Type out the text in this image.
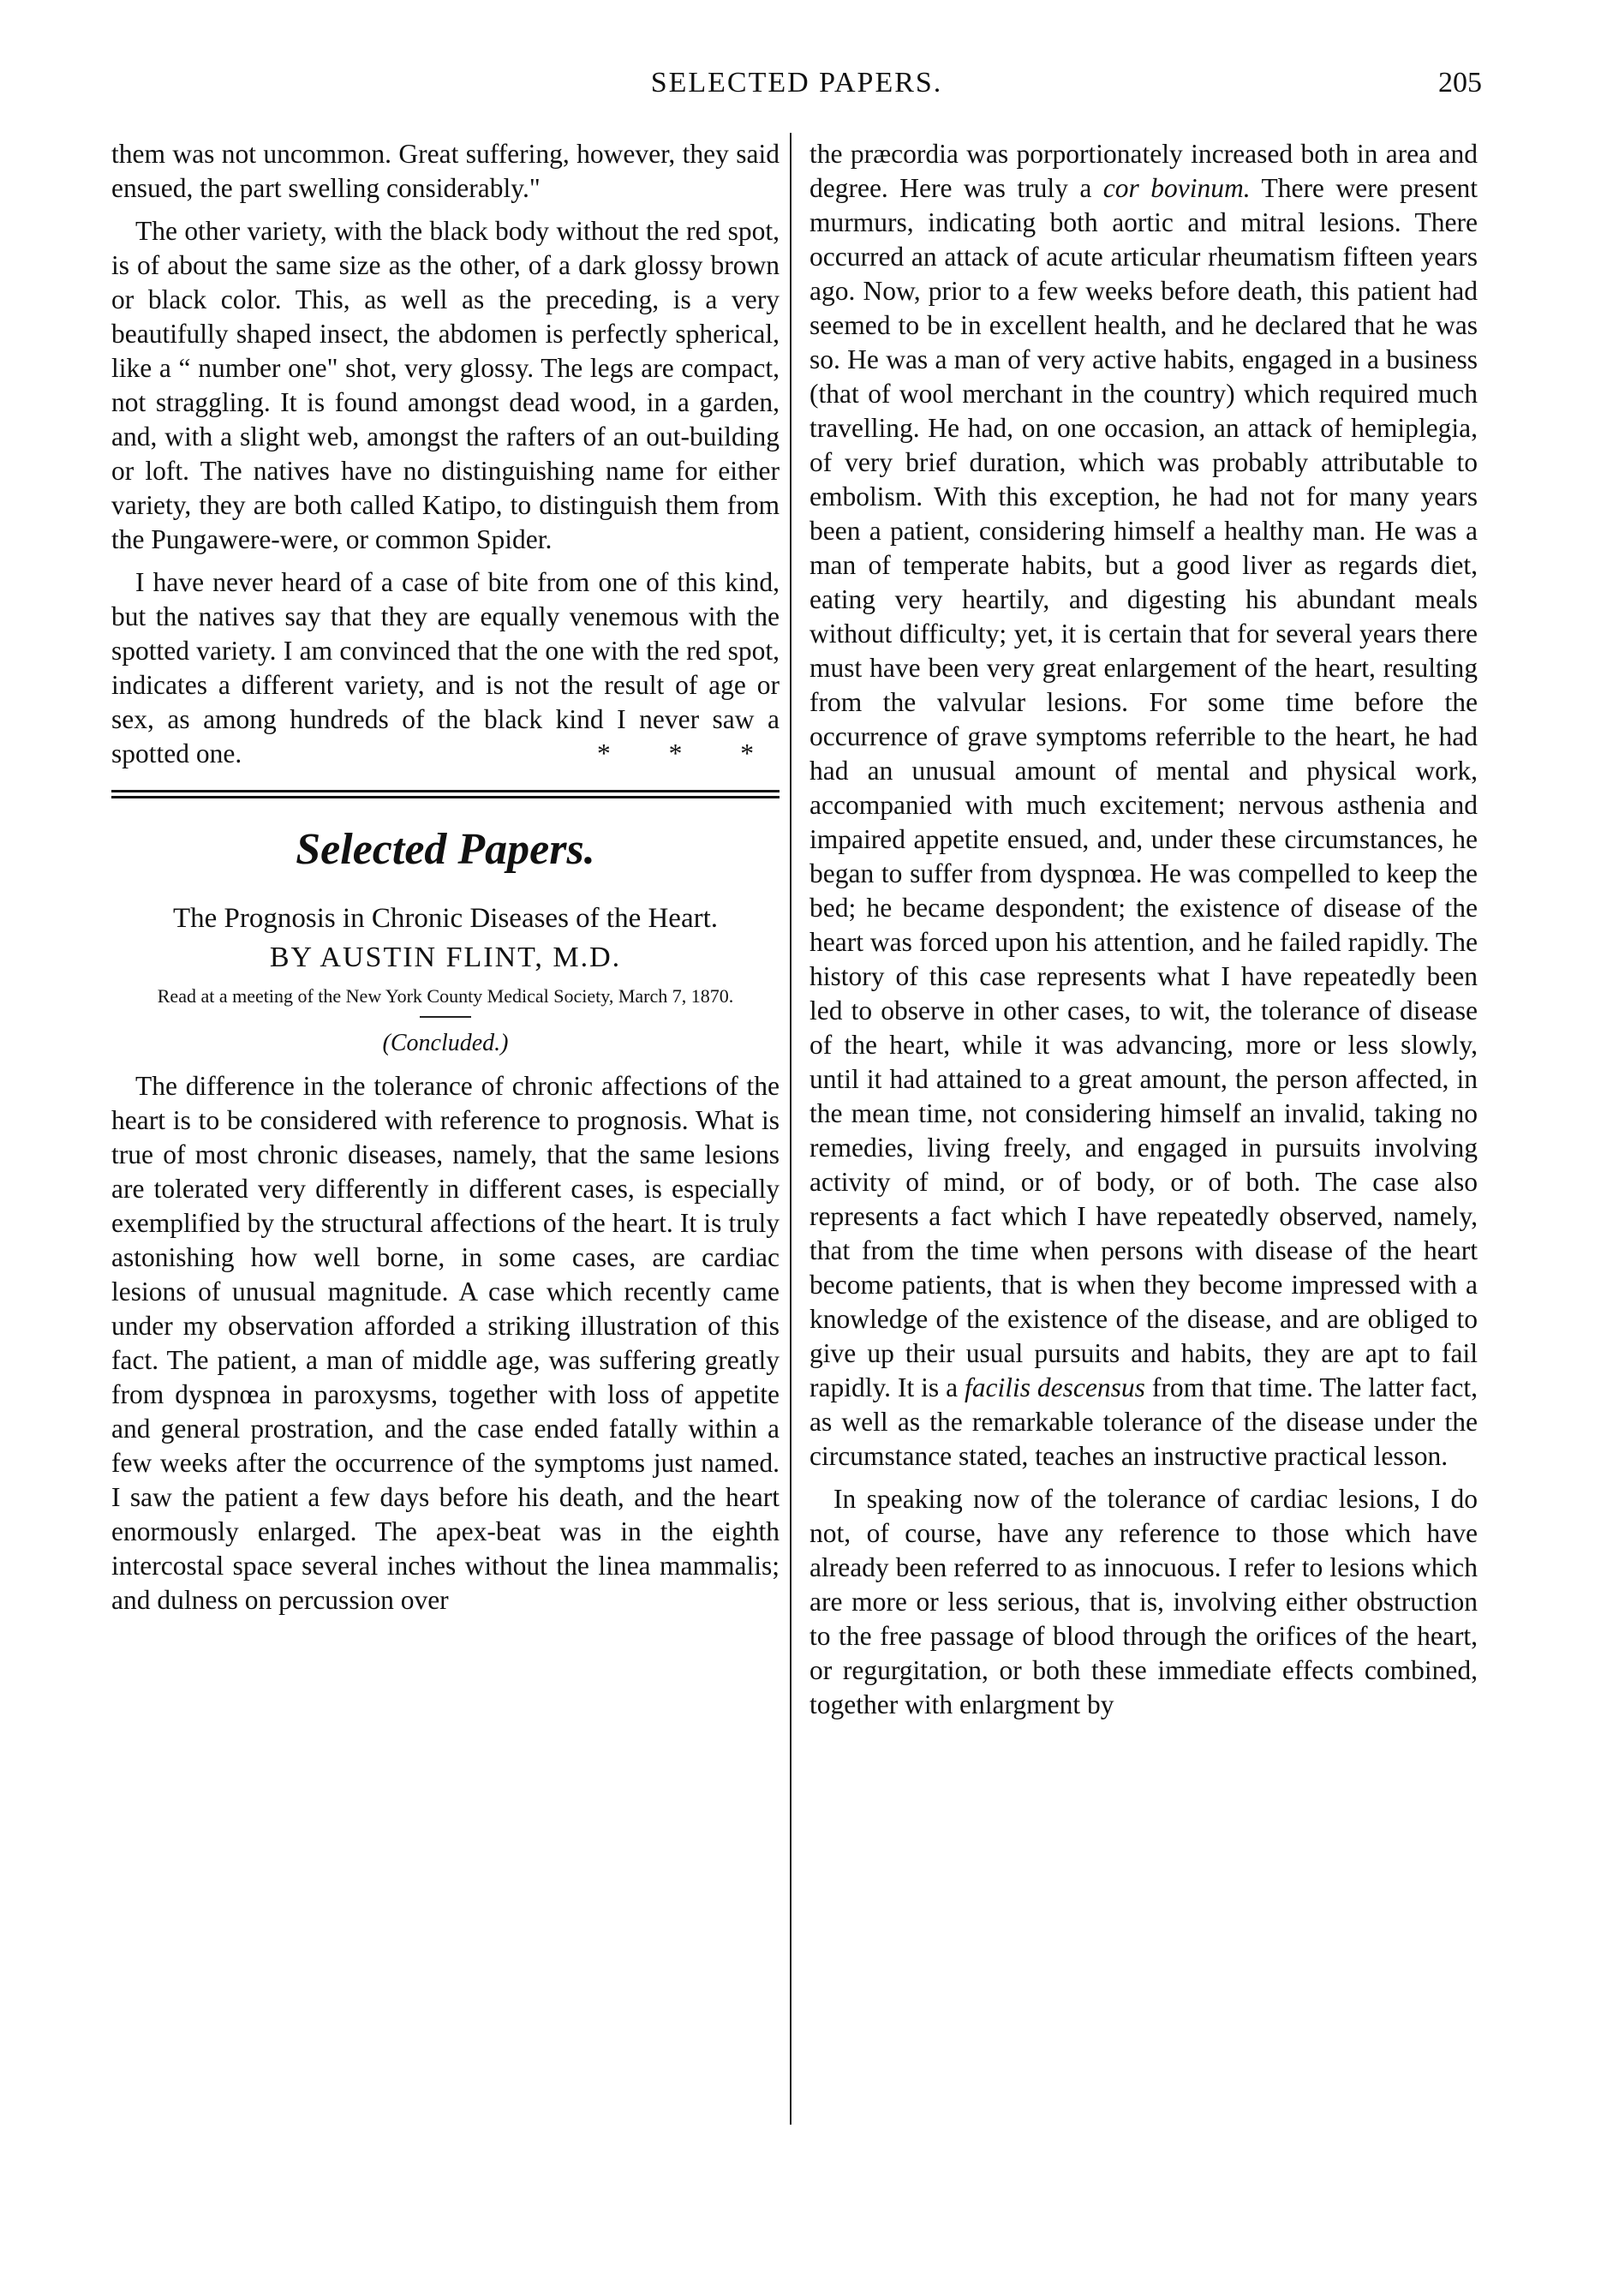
SELECTED PAPERS.	205

them was not uncommon. Great suffering, however, they said ensued, the part swelling considerably."

The other variety, with the black body without the red spot, is of about the same size as the other, of a dark glossy brown or black color. This, as well as the preceding, is a very beautifully shaped insect, the abdomen is perfectly spherical, like a “ number one" shot, very glossy. The legs are compact, not straggling. It is found amongst dead wood, in a garden, and, with a slight web, amongst the rafters of an out-building or loft. The natives have no distinguishing name for either variety, they are both called Katipo, to distinguish them from the Pungawere-were, or common Spider.

I have never heard of a case of bite from one of this kind, but the natives say that they are equally venemous with the spotted variety. I am convinced that the one with the red spot, indicates a different variety, and is not the result of age or sex, as among hundreds of the black kind I never saw a spotted one.	* * *

Selected Papers.
The Prognosis in Chronic Diseases of the Heart.
BY AUSTIN FLINT, M.D.
Read at a meeting of the New York County Medical Society, March 7, 1870.
(Concluded.)

The difference in the tolerance of chronic affections of the heart is to be considered with reference to prognosis. What is true of most chronic diseases, namely, that the same lesions are tolerated very differently in different cases, is especially exemplified by the structural affections of the heart. It is truly astonishing how well borne, in some cases, are cardiac lesions of unusual magnitude. A case which recently came under my observation afforded a striking illustration of this fact. The patient, a man of middle age, was suffering greatly from dyspnœa in paroxysms, together with loss of appetite and general prostration, and the case ended fatally within a few weeks after the occurrence of the symptoms just named. I saw the patient a few days before his death, and the heart enormously enlarged. The apex-beat was in the eighth intercostal space several inches without the linea mammalis; and dulness on percussion over

the præcordia was porportionately increased both in area and degree. Here was truly a cor bovinum. There were present murmurs, indicating both aortic and mitral lesions. There occurred an attack of acute articular rheumatism fifteen years ago. Now, prior to a few weeks before death, this patient had seemed to be in excellent health, and he declared that he was so. He was a man of very active habits, engaged in a business (that of wool merchant in the country) which required much travelling. He had, on one occasion, an attack of hemiplegia, of very brief duration, which was probably attributable to embolism. With this exception, he had not for many years been a patient, considering himself a healthy man. He was a man of temperate habits, but a good liver as regards diet, eating very heartily, and digesting his abundant meals without difficulty; yet, it is certain that for several years there must have been very great enlargement of the heart, resulting from the valvular lesions. For some time before the occurrence of grave symptoms referrible to the heart, he had had an unusual amount of mental and physical work, accompanied with much excitement; nervous asthenia and impaired appetite ensued, and, under these circumstances, he began to suffer from dyspnœa. He was compelled to keep the bed; he became despondent; the existence of disease of the heart was forced upon his attention, and he failed rapidly. The history of this case represents what I have repeatedly been led to observe in other cases, to wit, the tolerance of disease of the heart, while it was advancing, more or less slowly, until it had attained to a great amount, the person affected, in the mean time, not considering himself an invalid, taking no remedies, living freely, and engaged in pursuits involving activity of mind, or of body, or of both. The case also represents a fact which I have repeatedly observed, namely, that from the time when persons with disease of the heart become patients, that is when they become impressed with a knowledge of the existence of the disease, and are obliged to give up their usual pursuits and habits, they are apt to fail rapidly. It is a facilis descensus from that time. The latter fact, as well as the remarkable tolerance of the disease under the circumstance stated, teaches an instructive practical lesson.

In speaking now of the tolerance of cardiac lesions, I do not, of course, have any reference to those which have already been referred to as innocuous. I refer to lesions which are more or less serious, that is, involving either obstruction to the free passage of blood through the orifices of the heart, or regurgitation, or both these immediate effects combined, together with enlargment by
